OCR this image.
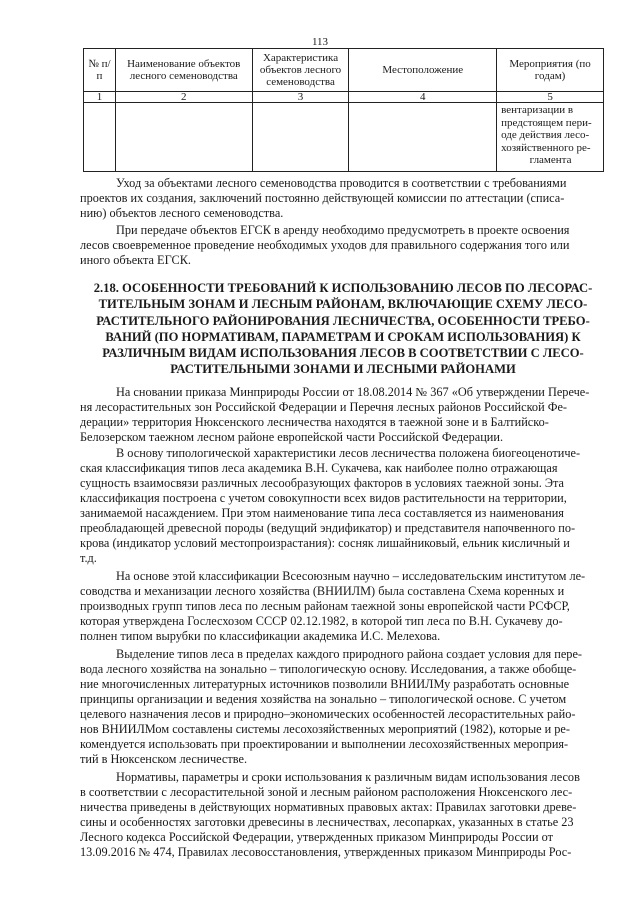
113
№ п/п	Наименование объектов лесного семеноводства	Характеристика объектов лесного семеноводства	Местоположение	Мероприятия (по годам)
1	2	3	4	5

				вентаризации в
предстоящем пери-
оде действия лесо-
хозяйственного ре-
гламента

Уход за объектами лесного семеноводства проводится в соответствии с требованиями
проектов их создания, заключений постоянно действующей комиссии по аттестации (списа-
нию) объектов лесного семеноводства.

При передаче объектов ЕГСК в аренду необходимо предусмотреть в проекте освоения
лесов своевременное проведение необходимых уходов для правильного содержания того или
иного объекта ЕГСК.

2.18. ОСОБЕННОСТИ ТРЕБОВАНИЙ К ИСПОЛЬЗОВАНИЮ ЛЕСОВ ПО ЛЕСОРАС-
ТИТЕЛЬНЫМ ЗОНАМ И ЛЕСНЫМ РАЙОНАМ, ВКЛЮЧАЮЩИЕ СХЕМУ ЛЕСО-
РАСТИТЕЛЬНОГО РАЙОНИРОВАНИЯ ЛЕСНИЧЕСТВА, ОСОБЕННОСТИ ТРЕБО-
ВАНИЙ (ПО НОРМАТИВАМ, ПАРАМЕТРАМ И СРОКАМ ИСПОЛЬЗОВАНИЯ) К
РАЗЛИЧНЫМ ВИДАМ ИСПОЛЬЗОВАНИЯ ЛЕСОВ В СООТВЕТСТВИИ С ЛЕСО-
РАСТИТЕЛЬНЫМИ ЗОНАМИ И ЛЕСНЫМИ РАЙОНАМИ

На сновании приказа Минприроды России от 18.08.2014 № 367 «Об утверждении Перече-
ня лесорастительных зон Российской Федерации и Перечня лесных районов Российской Фе-
дерации» территория Нюксенского лесничества находятся в таежной зоне и в Балтийско-
Белозерском таежном лесном районе европейской части Российской Федерации.

В основу типологической характеристики лесов лесничества положена биогеоценотиче-
ская классификация типов леса академика В.Н. Сукачева, как наиболее полно отражающая
сущность взаимосвязи различных лесообразующих факторов в условиях таежной зоны. Эта
классификация построена с учетом совокупности всех видов растительности на территории,
занимаемой насаждением. При этом наименование типа леса составляется из наименования
преобладающей древесной породы (ведущий эндификатор) и представителя напочвенного по-
крова (индикатор условий местопроизрастания): сосняк лишайниковый, ельник кисличный и
т.д.

На основе этой классификации Всесоюзным научно – исследовательским институтом ле-
соводства и механизации лесного хозяйства (ВНИИЛМ) была составлена Схема коренных и
производных групп типов леса по лесным районам таежной зоны европейской части РСФСР,
которая утверждена Гослесхозом СССР 02.12.1982, в которой тип леса по В.Н. Сукачеву до-
полнен типом вырубки по классификации академика И.С. Мелехова.

Выделение типов леса в пределах каждого природного района создает условия для пере-
вода лесного хозяйства на зонально – типологическую основу. Исследования, а также обобще-
ние многочисленных литературных источников позволили ВНИИЛМу разработать основные
принципы организации и ведения хозяйства на зонально – типологической основе. С учетом
целевого назначения лесов и природно–экономических особенностей лесорастительных райо-
нов ВНИИЛМом составлены системы лесохозяйственных мероприятий (1982), которые и ре-
комендуется использовать при проектировании и выполнении лесохозяйственных мероприя-
тий в Нюксенском лесничестве.

Нормативы, параметры и сроки использования к различным видам использования лесов
в соответствии с лесорастительной зоной и лесным районом расположения Нюксенского лес-
ничества приведены в действующих нормативных правовых актах: Правилах заготовки древе-
сины и особенностях заготовки древесины в лесничествах, лесопарках, указанных в статье 23
Лесного кодекса Российской Федерации, утвержденных приказом Минприроды России от
13.09.2016 № 474, Правилах лесовосстановления, утвержденных приказом Минприроды Рос-
